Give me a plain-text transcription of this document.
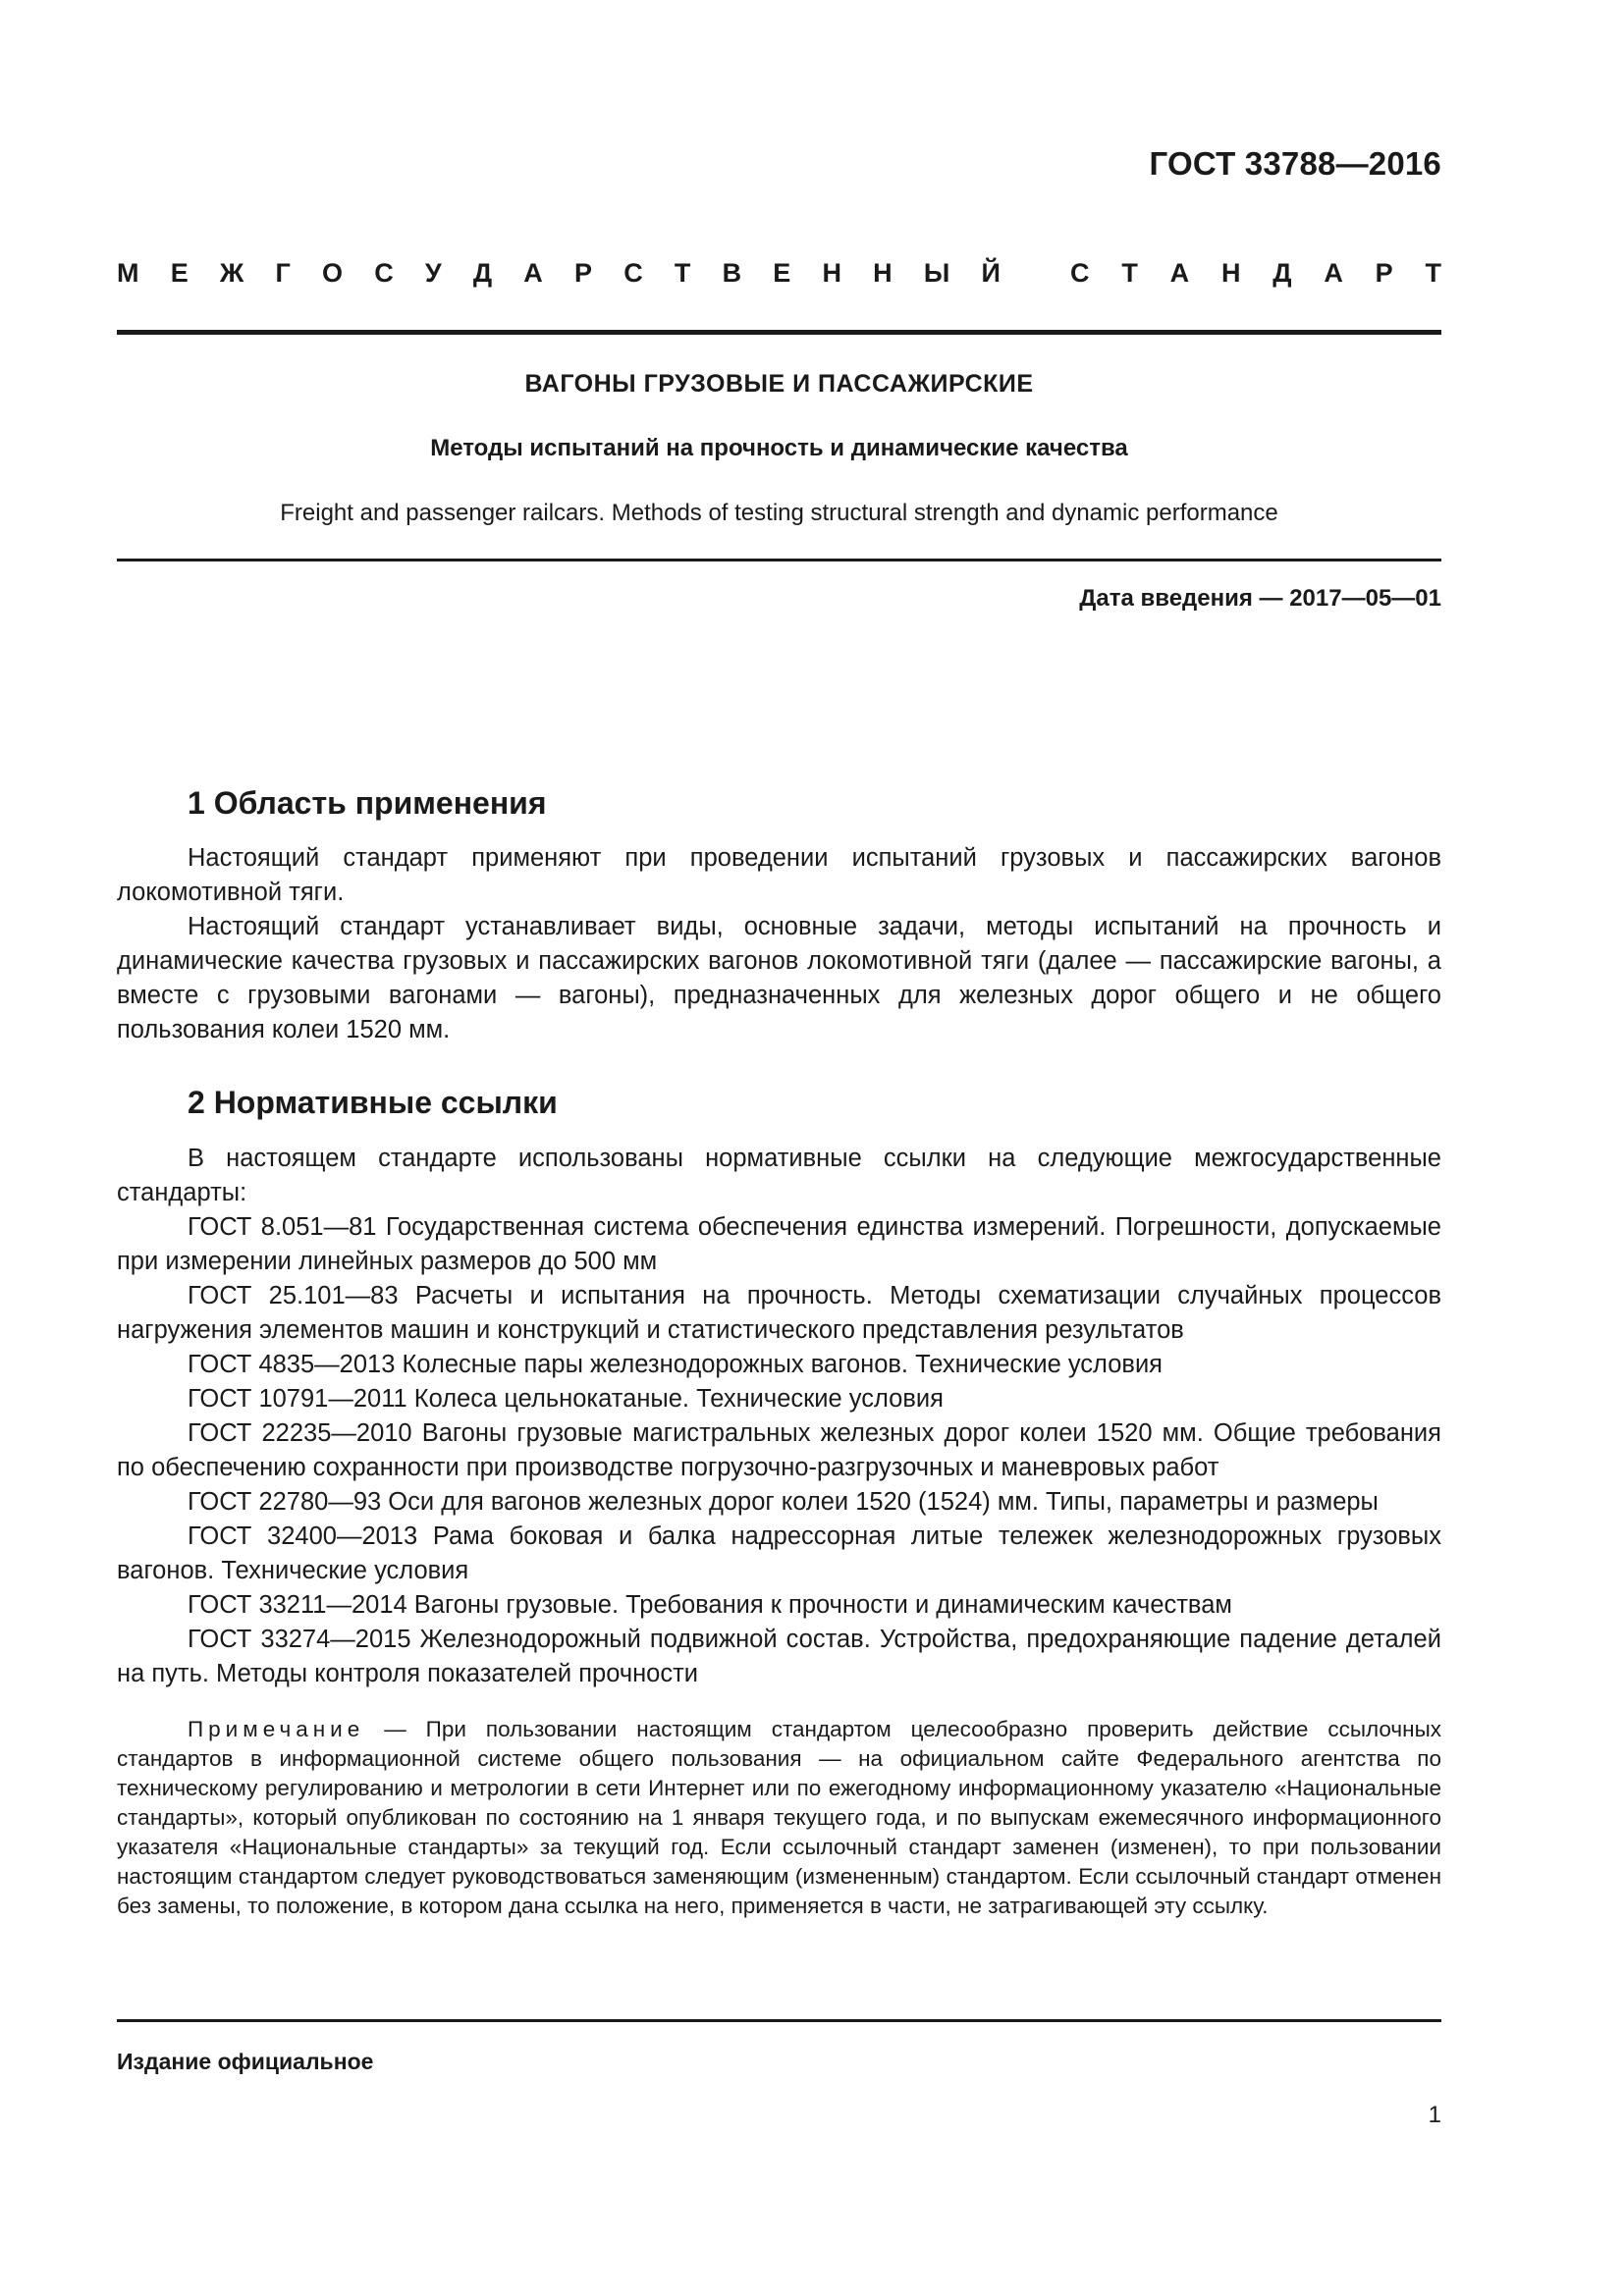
ГОСТ 33788—2016
М Е Ж Г О С У Д А Р С Т В Е Н Н Ы Й	С Т А Н Д А Р Т
ВАГОНЫ ГРУЗОВЫЕ И ПАССАЖИРСКИЕ
Методы испытаний на прочность и динамические качества
Freight and passenger railcars. Methods of testing structural strength and dynamic performance
Дата введения — 2017—05—01
1 Область применения

Настоящий стандарт применяют при проведении испытаний грузовых и пассажирских вагонов локомотивной тяги.

Настоящий стандарт устанавливает виды, основные задачи, методы испытаний на прочность и динамические качества грузовых и пассажирских вагонов локомотивной тяги (далее — пассажирские вагоны, а вместе с грузовыми вагонами — вагоны), предназначенных для железных дорог общего и не общего пользования колеи 1520 мм.

2 Нормативные ссылки

В настоящем стандарте использованы нормативные ссылки на следующие межгосударственные стандарты:

ГОСТ 8.051—81 Государственная система обеспечения единства измерений. Погрешности, допускаемые при измерении линейных размеров до 500 мм

ГОСТ 25.101—83 Расчеты и испытания на прочность. Методы схематизации случайных процессов нагружения элементов машин и конструкций и статистического представления результатов

ГОСТ 4835—2013 Колесные пары железнодорожных вагонов. Технические условия

ГОСТ 10791—2011 Колеса цельнокатаные. Технические условия

ГОСТ 22235—2010 Вагоны грузовые магистральных железных дорог колеи 1520 мм. Общие требования по обеспечению сохранности при производстве погрузочно-разгрузочных и маневровых работ

ГОСТ 22780—93 Оси для вагонов железных дорог колеи 1520 (1524) мм. Типы, параметры и размеры

ГОСТ 32400—2013 Рама боковая и балка надрессорная литые тележек железнодорожных грузовых вагонов. Технические условия

ГОСТ 33211—2014 Вагоны грузовые. Требования к прочности и динамическим качествам

ГОСТ 33274—2015 Железнодорожный подвижной состав. Устройства, предохраняющие падение деталей на путь. Методы контроля показателей прочности

Примечание — При пользовании настоящим стандартом целесообразно проверить действие ссылочных стандартов в информационной системе общего пользования — на официальном сайте Федерального агентства по техническому регулированию и метрологии в сети Интернет или по ежегодному информационному указателю «Национальные стандарты», который опубликован по состоянию на 1 января текущего года, и по выпускам ежемесячного информационного указателя «Национальные стандарты» за текущий год. Если ссылочный стандарт заменен (изменен), то при пользовании настоящим стандартом следует руководствоваться заменяющим (измененным) стандартом. Если ссылочный стандарт отменен без замены, то положение, в котором дана ссылка на него, применяется в части, не затрагивающей эту ссылку.

Издание официальное
1
